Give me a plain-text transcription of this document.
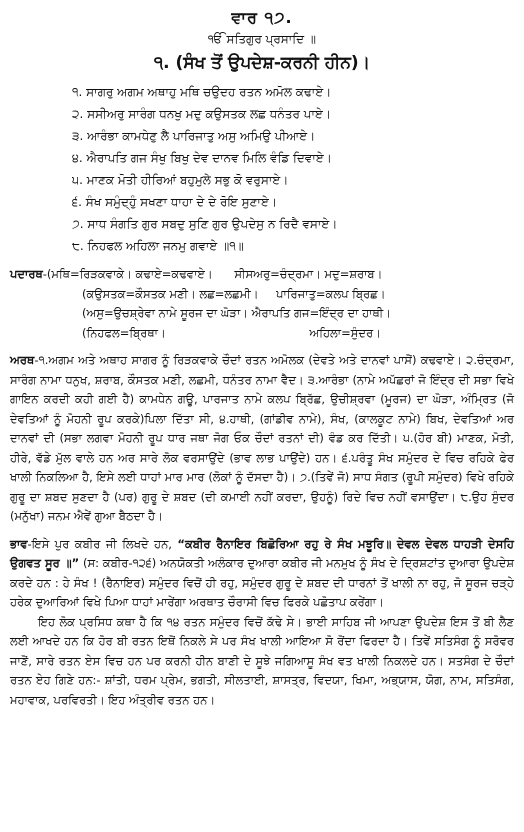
ਵਾਰ ੧੭.
ੴ ਸਤਿਗੁਰ ਪ੍ਰਸਾਦਿ ॥
੧. (ਸੰਖ ਤੋਂ ਉਪਦੇਸ਼-ਕਰਨੀ ਹੀਨ)।
੧. ਸਾਗਰੁ ਅਗਮ ਅਥਾਹੁ ਮਥਿ ਚਉਦਹ ਰਤਨ ਅਮੋਲ ਕਢਾਏ।
੨. ਸਸੀਅਰੁ ਸਾਰੰਗ ਧਨਖੁ ਮਦੁ ਕਉਸਤਕ ਲਛ ਧਨੰਤਰ ਪਾਏ।
੩. ਆਰੰਭਾ ਕਾਮਧੇਣੁ ਲੈ ਪਾਰਿਜਾਤੁ ਅਸੁ ਅਮਿਉ ਪੀਆਏ।
੪. ਐਰਾਪਤਿ ਗਜ ਸੰਖੁ ਬਿਖੁ ਦੇਵ ਦਾਨਵ ਮਿਲਿ ਵੰਡਿ ਦਿਵਾਏ।
੫. ਮਾਣਕ ਮੋਤੀ ਹੀਰਿਆਂ ਬਹੁਮੁਲੇ ਸਭੁ ਕੋ ਵਰੁਸਾਏ।
੬. ਸੰਖ ਸਮੁੰਦ੍ਹੁੰ ਸਖਣਾ ਧਾਹਾ ਦੇ ਦੇ ਰੋਇ ਸੁਣਾਏ।
੭. ਸਾਧ ਸੰਗਤਿ ਗੁਰ ਸਬਦੁ ਸੁਣਿ ਗੁਰ ਉਪਦੇਸੁ ਨ ਰਿਦੈ ਵਸਾਏ।
੮. ਨਿਹਫਲ ਅਹਿਲਾ ਜਨਮੁ ਗਵਾਏ ॥੧॥
ਪਦਾਰਥ-(ਮਥਿ=ਰਿੜਕਵਾਕੇ। ਕਢਾਏ=ਕਢਵਾਏ। ਸੀਸਅਰੁ=ਚੰਦ੍ਰਮਾ। ਮਦੁ=ਸ਼ਰਾਬ।
(ਕਉਸਤਕ=ਕੌਸਤਕ ਮਣੀ। ਲਛ=ਲਛਮੀ। ਪਾਰਿਜਾਤੁ=ਕਲਪ ਬ੍ਰਿਛ।
(ਅਸੁ=ਉਚਸ਼੍ਰੇਵਾ ਨਾਮੇ ਸੂਰਜ ਦਾ ਘੋੜਾ। ਐਰਾਪਤਿ ਗਜ=ਇੰਦ੍ਰ ਦਾ ਹਾਥੀ।
(ਨਿਹਫਲ=ਬ੍ਰਿਥਾ।	ਅਹਿਲਾ=ਸੁੰਦਰ।

ਅਰਥ-੧.ਅਗਮ ਅਤੇ ਅਥਾਹ ਸਾਗਰ ਨੂੰ ਰਿੜਕਵਾਕੇ ਚੌਦਾਂ ਰਤਨ ਅਮੋਲਕ (ਦੇਵਤੇ ਅਤੇ ਦਾਨਵਾਂ ਪਾਸੋਂ) ਕਢਵਾਏ। ੨.ਚੰਦ੍ਰਮਾ, ਸਾਰੰਗ ਨਾਮਾ ਧਨੁਖ, ਸ਼ਰਾਬ, ਕੌਸਤਕ ਮਣੀ, ਲਛਮੀ, ਧਨੰਤਰ ਨਾਮਾ ਵੈਦ। ੩.ਆਰੰਭਾ (ਨਾਮੇ ਅਪੱਛਰਾਂ ਜੋ ਇੰਦ੍ਰ ਦੀ ਸਭਾ ਵਿਖੇ ਗਾਇਨ ਕਰਦੀ ਕਹੀ ਗਈ ਹੈ) ਕਾਮਧੇਨ ਗਊ, ਪਾਰਜਾਤ ਨਾਮੇ ਕਲਪ ਬ੍ਰਿੱਛ, ਉਚੀਸ਼੍ਰਵਾ (ਮੂਰਜ) ਦਾ ਘੋੜਾ, ਅੰਮ੍ਰਿਤ (ਜੋ ਦੇਵਤਿਆਂ ਨੂੰ ਮੋਹਨੀ ਰੂਪ ਕਰਕੇ)ਪਿਲਾ ਦਿੱਤਾ ਸੀ, ੪.ਹਾਥੀ, (ਗਾਂਡੀਵ ਨਾਮੇ), ਸੰਖ, (ਕਾਲਕੂਟ ਨਾਮੇ) ਬਿਖ, ਦੇਵਤਿਆਂ ਅਰ ਦਾਨਵਾਂ ਦੀ (ਸਭਾ ਲਗਵਾ ਮੋਹਨੀ ਰੂਪ ਧਾਰ ਜਥਾ ਜੋਗ ਓਕ ਚੌਦਾਂ ਰਤਨਾਂ ਦੀ) ਵੰਡ ਕਰ ਦਿੱਤੀ। ੫.(ਹੋਰ ਬੀ) ਮਾਣਕ, ਮੋਤੀ, ਹੀਰੇ, ਵੱਡੇ ਮੁੱਲ ਵਾਲੇ ਹਨ ਅਰ ਸਾਰੇ ਲੋਕ ਵਰਸਾਉਂਦੇ (ਭਾਵ ਲਾਭ ਪਾਉਂਦੇ) ਹਨ। ੬.ਪਰੰਤੂ ਸੰਖ ਸਮੁੰਦਰ ਦੇ ਵਿਚ ਰਹਿਕੇ ਫੇਰ ਖਾਲੀ ਨਿਕਲਿਆ ਹੈ, ਇਸੇ ਲਈ ਧਾਹਾਂ ਮਾਰ ਮਾਰ (ਲੋਕਾਂ ਨੂੰ ਦੱਸਦਾ ਹੈ)। ੭.(ਤਿਵੇਂ ਜੋ) ਸਾਧ ਸੰਗਤ (ਰੂਪੀ ਸਮੁੰਦਰ) ਵਿਖੇ ਰਹਿਕੇ ਗੁਰੂ ਦਾ ਸ਼ਬਦ ਸੁਣਦਾ ਹੈ (ਪਰ) ਗੁਰੂ ਦੇ ਸ਼ਬਦ (ਦੀ ਕਮਾਈ ਨਹੀਂ ਕਰਦਾ, ਉਹਨੂੰ) ਰਿਦੇ ਵਿਚ ਨਹੀਂ ਵਸਾਉਂਦਾ। ੮.ਉਹ ਸੁੰਦਰ (ਮਨੁੱਖਾ) ਜਨਮ ਐਵੇਂ ਗੁਆ ਬੈਠਦਾ ਹੈ।

ਭਾਵ-ਇਸੇ ਪੁਰ ਕਬੀਰ ਜੀ ਲਿਖਦੇ ਹਨ, “ਕਬੀਰ ਰੈਨਾਇਰ ਬਿਛੋਰਿਆ ਰਹੁ ਰੇ ਸੰਖ ਮਝੂਰਿ॥ ਦੇਵਲ ਦੇਵਲ ਧਾਹੜੀ ਦੇਸਹਿ ਉਗਵਤ ਸੂਰ ॥” (ਸ: ਕਬੀਰ-੧੨੬) ਅਨਯੋਕਤੀ ਅਲੰਕਾਰ ਦੁਆਰਾ ਕਬੀਰ ਜੀ ਮਨਮੁਖ ਨੂੰ ਸੰਖ ਦੇ ਦ੍ਰਿਸ਼ਟਾਂਤ ਦੁਆਰਾ ਉਪਦੇਸ਼ ਕਰਦੇ ਹਨ : ਹੇ ਸੰਖ ! (ਰੈਨਾਇਰ) ਸਮੁੰਦਰ ਵਿਚੋਂ ਹੀ ਰਹੁ, ਸਮੁੰਦਰ ਗੁਰੂ ਦੇ ਸ਼ਬਦ ਦੀ ਧਾਰਨਾਂ ਤੋਂ ਖਾਲੀ ਨਾ ਰਹੁ, ਜੋ ਸੂਰਜ ਚੜ੍ਹੇ ਹਰੇਕ ਦੁਆਰਿਆਂ ਵਿਖੇ ਪਿਆ ਧਾਹਾਂ ਮਾਰੇਂਗਾ ਅਰਥਾਤ ਚੌਰਾਸੀ ਵਿਚ ਫਿਰਕੇ ਪਛੋਤਾਪ ਕਰੇਂਗਾ।

ਇਹ ਲੋਕ ਪ੍ਰਸਿਧ ਕਥਾ ਹੈ ਕਿ ੧੪ ਰਤਨ ਸਮੁੰਦਰ ਵਿਚੋਂ ਕੱਢੇ ਸੇ। ਭਾਈ ਸਾਹਿਬ ਜੀ ਆਪਣਾ ਉਪਦੇਸ਼ ਇਸ ਤੋਂ ਬੀ ਲੈਣ ਲਈ ਆਖਦੇ ਹਨ ਕਿ ਹੋਰ ਬੀ ਰਤਨ ਇਥੋਂ ਨਿਕਲੇ ਸੇ ਪਰ ਸੰਖ ਖਾਲੀ ਆਇਆ ਸੋ ਰੋਂਦਾ ਫਿਰਦਾ ਹੈ। ਤਿਵੇਂ ਸਤਿਸੰਗ ਨੂੰ ਸਰੋਵਰ ਜਾਣੋਂ, ਸਾਰੇ ਰਤਨ ਏਸ ਵਿਚ ਹਨ ਪਰ ਕਰਨੀ ਹੀਨ ਬਾਣੀ ਦੇ ਸੂਝੇ ਜਗਿਆਸੂ ਸੰਖ ਵਤ ਖਾਲੀ ਨਿਕਲਦੇ ਹਨ। ਸਤਸੰਗ ਦੇ ਚੌਦਾਂ ਰਤਨ ਏਹ ਗਿਣੇ ਹਨ:- ਸ਼ਾਂਤੀ, ਧਰਮ ਪ੍ਰੇਮ, ਭਗਤੀ, ਸੀਲਤਾਈ, ਸ਼ਾਸਤ੍ਰ, ਵਿਦਯਾ, ਖਿਮਾ, ਅਭ੍ਯਾਸ, ਯੋਗ, ਨਾਮ, ਸਤਿਸੰਗ, ਮਹਾਵਾਕ, ਪਰਵਿਰਤੀ। ਇਹ ਅੰਤ੍ਰੀਵ ਰਤਨ ਹਨ।
